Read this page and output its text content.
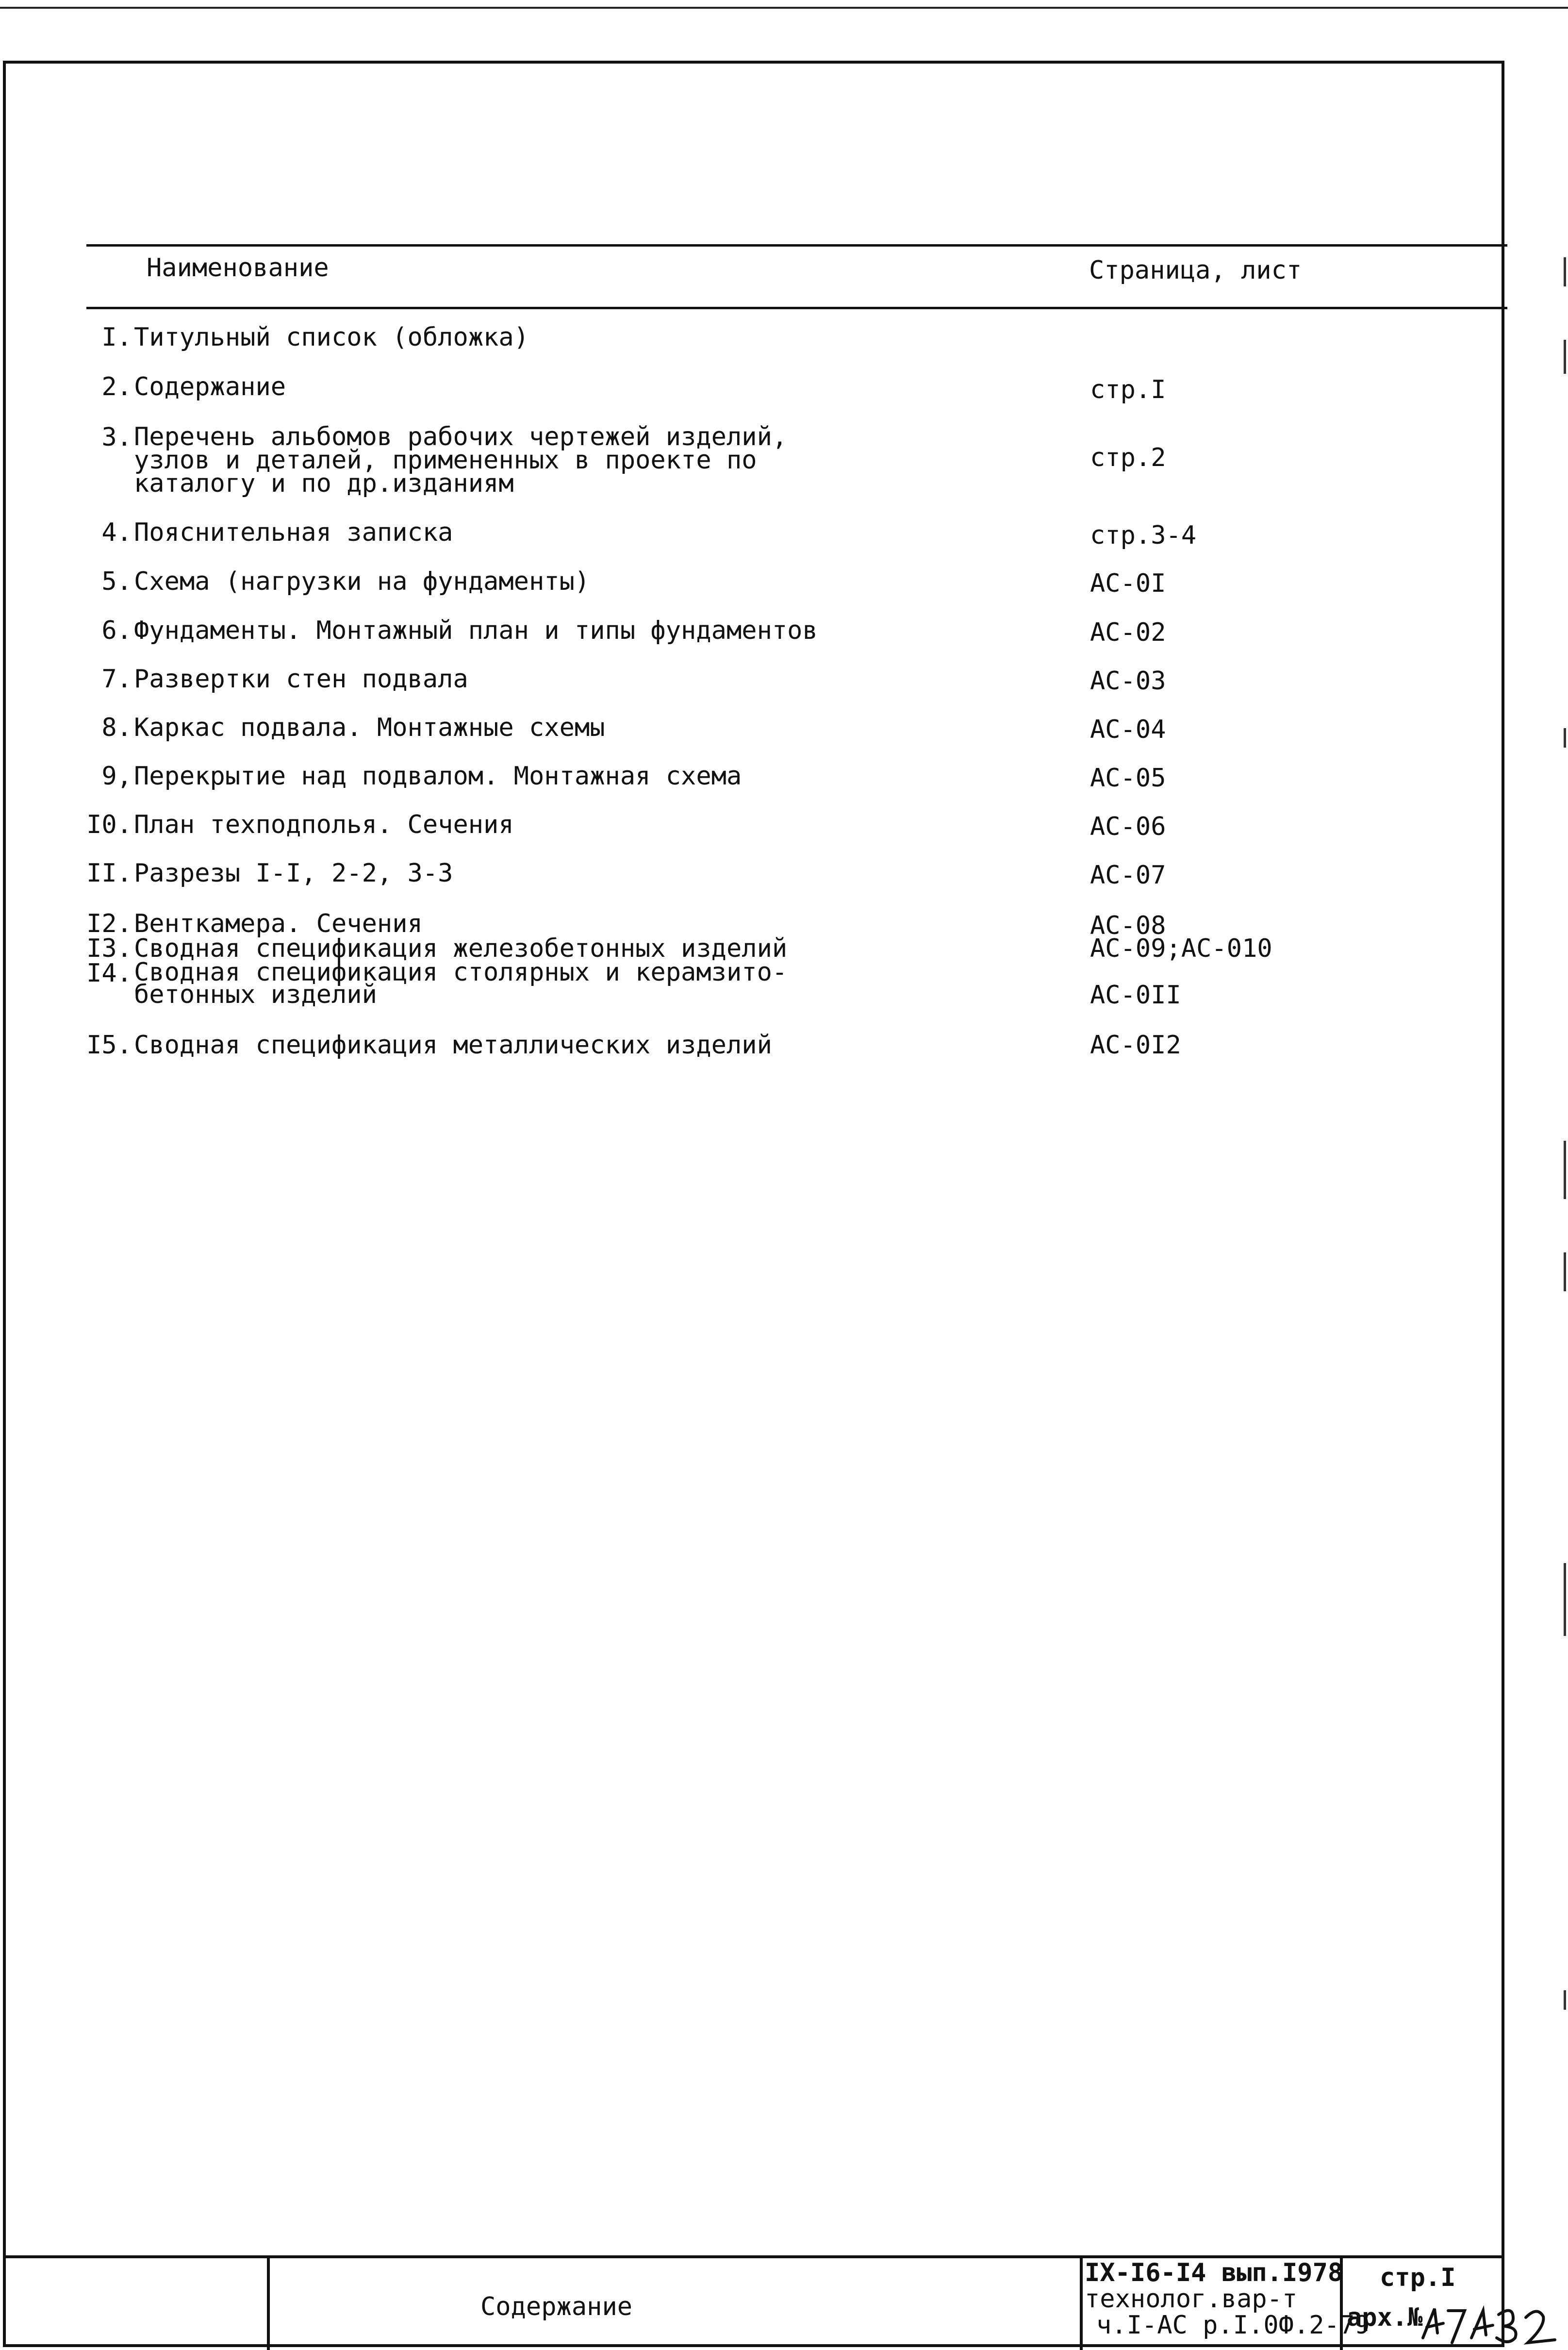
Наименование	Страница, лист
I. Титульный список (обложка)
2. Содержание	стр.I
3. Перечень альбомов рабочих чертежей изделий,
узлов и деталей, примененных в проекте по
каталогу и по др.изданиям
стр.2
4. Пояснительная записка	стр.3-4
5. Схема (нагрузки на фундаменты)	АС-0I
6. Фундаменты. Монтажный план и типы фундаментов	АС-02
7. Развертки стен подвала	АС-03
8. Каркас подвала. Монтажные схемы	АС-04
9, Перекрытие над подвалом. Монтажная схема	АС-05
I0. План техподполья. Сечения	АС-06
II. Разрезы I-I, 2-2, 3-3	АС-07
I2. Венткамера. Сечения	АС-08
I3. Сводная спецификация железобетонных изделий	АС-09;АС-010
I4. Сводная спецификация столярных и керамзито-
бетонных изделий	АС-0II
I5. Сводная спецификация металлических изделий	АС-0I2
Содержание
IX-I6-I4 вып.I978
технолог.вар-т
ч.I-АС р.I.0Ф.2-79
стр.I
арх.№
